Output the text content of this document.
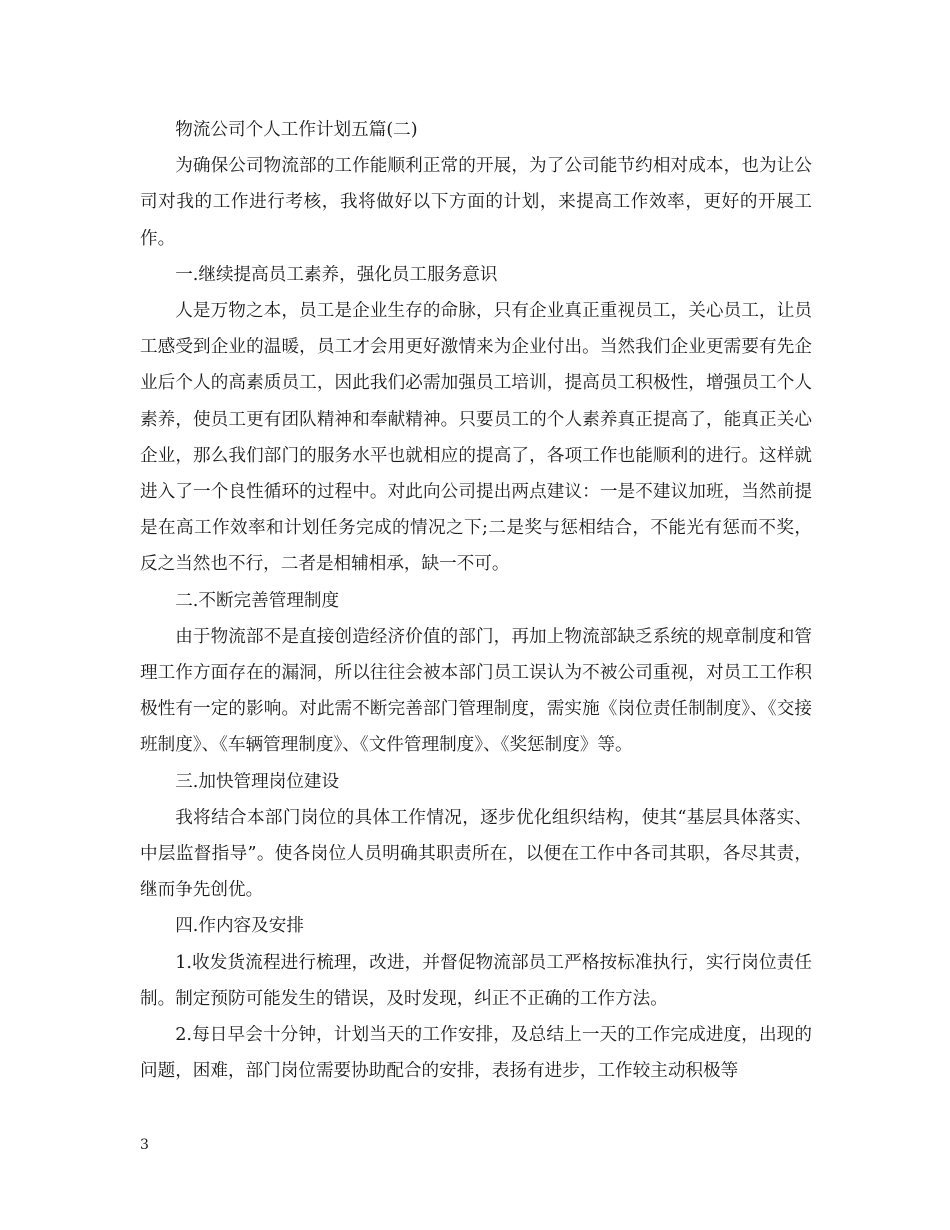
物流公司个人工作计划五篇(二)

为确保公司物流部的工作能顺利正常的开展，为了公司能节约相对成本，也为让公司对我的工作进行考核，我将做好以下方面的计划，来提高工作效率，更好的开展工作。

一.继续提高员工素养，强化员工服务意识

人是万物之本，员工是企业生存的命脉，只有企业真正重视员工，关心员工，让员工感受到企业的温暖，员工才会用更好激情来为企业付出。当然我们企业更需要有先企业后个人的高素质员工，因此我们必需加强员工培训，提高员工积极性，增强员工个人素养，使员工更有团队精神和奉献精神。只要员工的个人素养真正提高了，能真正关心企业，那么我们部门的服务水平也就相应的提高了，各项工作也能顺利的进行。这样就进入了一个良性循环的过程中。对此向公司提出两点建议：一是不建议加班，当然前提是在高工作效率和计划任务完成的情况之下;二是奖与惩相结合，不能光有惩而不奖，反之当然也不行，二者是相辅相承，缺一不可。

二.不断完善管理制度

由于物流部不是直接创造经济价值的部门，再加上物流部缺乏系统的规章制度和管理工作方面存在的漏洞，所以往往会被本部门员工误认为不被公司重视，对员工工作积极性有一定的影响。对此需不断完善部门管理制度，需实施《岗位责任制制度》、《交接班制度》、《车辆管理制度》、《文件管理制度》、《奖惩制度》等。

三.加快管理岗位建设

我将结合本部门岗位的具体工作情况，逐步优化组织结构，使其“基层具体落实、中层监督指导”。使各岗位人员明确其职责所在，以便在工作中各司其职，各尽其责，继而争先创优。

四.作内容及安排

1.收发货流程进行梳理，改进，并督促物流部员工严格按标准执行，实行岗位责任制。制定预防可能发生的错误，及时发现，纠正不正确的工作方法。

2.每日早会十分钟，计划当天的工作安排，及总结上一天的工作完成进度，出现的问题，困难，部门岗位需要协助配合的安排，表扬有进步，工作较主动积极等

3
